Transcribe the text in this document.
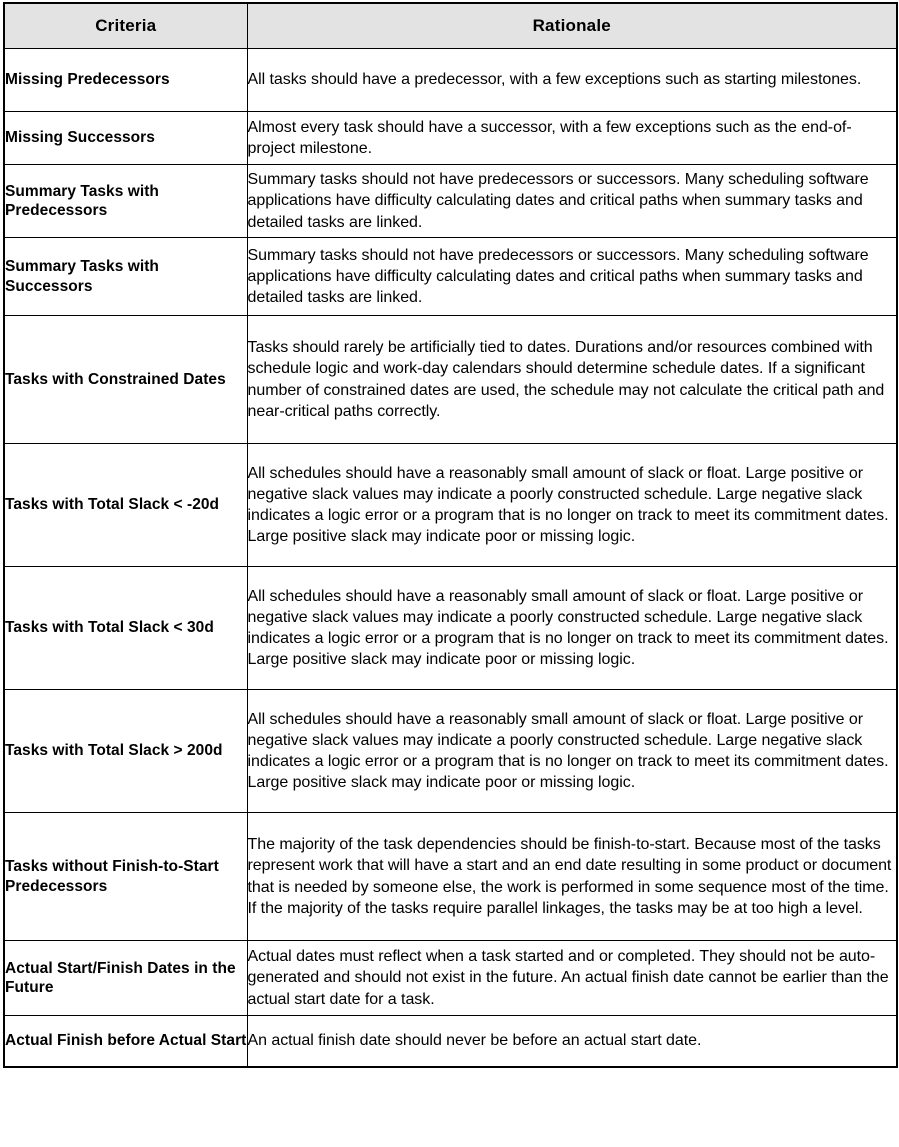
Criteria	Rationale
Missing Predecessors	All tasks should have a predecessor, with a few exceptions such as starting milestones.
Missing Successors	Almost every task should have a successor, with a few exceptions such as the end-of-project milestone.
Summary Tasks with Predecessors	Summary tasks should not have predecessors or successors. Many scheduling software applications have difficulty calculating dates and critical paths when summary tasks and detailed tasks are linked.
Summary Tasks with Successors	Summary tasks should not have predecessors or successors. Many scheduling software applications have difficulty calculating dates and critical paths when summary tasks and detailed tasks are linked.
Tasks with Constrained Dates	Tasks should rarely be artificially tied to dates. Durations and/or resources combined with schedule logic and work-day calendars should determine schedule dates. If a significant number of constrained dates are used, the schedule may not calculate the critical path and near-critical paths correctly.
Tasks with Total Slack < -20d	All schedules should have a reasonably small amount of slack or float. Large positive or negative slack values may indicate a poorly constructed schedule. Large negative slack indicates a logic error or a program that is no longer on track to meet its commitment dates. Large positive slack may indicate poor or missing logic.
Tasks with Total Slack < 30d	All schedules should have a reasonably small amount of slack or float. Large positive or negative slack values may indicate a poorly constructed schedule. Large negative slack indicates a logic error or a program that is no longer on track to meet its commitment dates. Large positive slack may indicate poor or missing logic.
Tasks with Total Slack > 200d	All schedules should have a reasonably small amount of slack or float. Large positive or negative slack values may indicate a poorly constructed schedule. Large negative slack indicates a logic error or a program that is no longer on track to meet its commitment dates. Large positive slack may indicate poor or missing logic.
Tasks without Finish-to-Start Predecessors	The majority of the task dependencies should be finish-to-start. Because most of the tasks represent work that will have a start and an end date resulting in some product or document that is needed by someone else, the work is performed in some sequence most of the time. If the majority of the tasks require parallel linkages, the tasks may be at too high a level.
Actual Start/Finish Dates in the Future	Actual dates must reflect when a task started and or completed. They should not be auto-generated and should not exist in the future. An actual finish date cannot be earlier than the actual start date for a task.
Actual Finish before Actual Start	An actual finish date should never be before an actual start date.
